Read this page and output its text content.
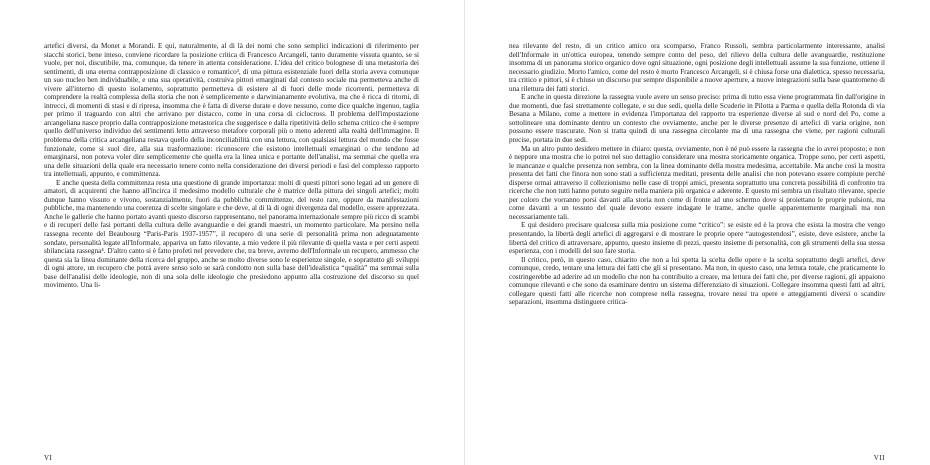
artefici diversi, da Monet a Morandi. E qui, naturalmente, al di là dei nomi che sono semplici indicazioni di riferimento per stacchi storici, bene inteso, conviene ricordare la posizione critica di Francesco Arcangeli, tanto duramente vissuta quanto, se si vuole, per noi, discutibile, ma, comunque, da tenere in attenta considerazione. L'idea del critico bolognese di una metastoria dei sentimenti, di una eterna contrapposizione di classico e romantico³, di una pittura esistenziale fuori della storia aveva comunque un suo nucleo ben individuabile, e una sua operatività, costruiva pittori emarginati dal contesto sociale ma permetteva anche di vivere all'interno di questo isolamento, soprattutto permetteva di esistere al di fuori delle mode ricorrenti, permetteva di comprendere la realtà complessa della storia che non è semplicemente e darwinianamente evolutiva, ma che è ricca di ritorni, di intrecci, di momenti di stasi e di ripresa, insomma che è fatta di diverse durate e dove nessuno, come dice qualche ingenuo, taglia per primo il traguardo con altri che arrivano per distacco, come in una corsa di ciclocross. Il problema dell'impostazione arcangeliana nasce proprio dalla contrapposizione metastorica che suggerisce e dalla ripetitività dello schema critico che è sempre quello dell'universo individuo dei sentimenti letto attraverso metafore corporali più o meno aderenti alla realtà dell'immagine. Il problema della critica arcangeliana restava quello della inconciliabilità con una lettura, con qualsiasi lettura del mondo che fosse funzionale, come si suol dire, alla sua trasformazione: riconoscere che esistono intellettuali emarginati o che tendono ad emarginarsi, non poteva voler dire semplicemente che quella era la linea unica e portante dell'analisi, ma semmai che quella era una delle situazioni della quale era necessario tenere conto nella considerazione dei diversi periodi e fasi del complesso rapporto tra intellettuali, appunto, e committenza.

E anche questa della committenza resta una questione di grande importanza: molti di questi pittori sono legati ad un genere di amatori, di acquirenti che hanno all'incirca il medesimo modello culturale che è matrice della pittura dei singoli artefici; molti dunque hanno vissuto e vivono, sostanzialmente, fuori da pubbliche committenze, del resto rare, oppure da manifestazioni pubbliche, ma mantenendo una coerenza di scelte singolare e che deve, al di là di ogni divergenza dal modello, essere apprezzata. Anche le gallerie che hanno portato avanti questo discorso rappresentano, nel panorama internazionale sempre più ricco di scambi e di recuperi delle fasi portanti della cultura delle avanguardie e dei grandi maestri, un momento particolare. Ma persino nella rassegna recente del Beaubourg “Paris-Paris 1937-1957”, il recupero di una serie di personalità prima non adeguatamente sondate, personalità legate all'Informale, appariva un fatto rilevante, a mio vedere il più rilevante di quella vasta e per certi aspetti sbilanciata rassegna⁴. D'altro canto si è fatto profeti nel prevedere che, tra breve, avremo dell'Informale un recupero, ammesso che questa sia la linea dominante della ricerca del gruppo, anche se molto diverse sono le esperienze singole, e soprattutto gli sviluppi di ogni attore, un recupero che potrà avere senso solo se sarà condotto non sulla base dell'idealistica “qualità” ma semmai sulla base dell'analisi delle ideologie, non di una sola delle ideologie che presiedono appunto alla costruzione del discorso su quel movimento. Una li-

VI

nea rilevante del resto, di un critico amico ora scomparso, Franco Russoli, sembra particolarmente interessante, analisi dell'Informale in un'ottica europea, tenendo sempre conto del peso, del rilievo della cultura delle avanguardie, restituzione insomma di un panorama storico organico dove ogni situazione, ogni posizione degli intellettuali assume la sua funzione, ottiene il necessario giudizio. Morto l'amico, come del resto è morto Francesco Arcangeli, si è chiusa forse una dialettica, spesso necessaria, tra critico e pittori, si è chiuso un discorso pur sempre disponibile a nuove aperture, a nuove integrazioni sulla base quantomeno di una rilettura dei fatti storici.

E anche in questa direzione la rassegna vuole avere un senso preciso: prima di tutto essa viene programmata fin dall'origine in due momenti, due fasi strettamente collegate, e su due sedi, quella delle Scuderie in Pilotta a Parma e quella della Rotonda di via Besana a Milano, come a mettere in evidenza l'importanza del rapporto tra esperienze diverse al sud e nord del Po, come a sottolineare una dominante dentro un contesto che ovviamente, anche per le diverse presenze di artefici di varia origine, non possono essere trascurate. Non si tratta quindi di una rassegna circolante ma di una rassegna che viene, per ragioni culturali precise, portata in due sedi.

Ma un altro punto desidero mettere in chiaro: questa, ovviamente, non è né può essere la rassegna che io avrei proposto; e non è neppure una mostra che io potrei nel suo dettaglio considerare una mostra storicamente organica. Troppe sono, per certi aspetti, le mancanze e qualche presenza non sembra, con la linea dominante della mostra medesima, accettabile. Ma anche così la mostra presenta dei fatti che finora non sono stati a sufficienza meditati, presenta delle analisi che non potevano essere compiute perché disperse ormai attraverso il collezionismo nelle case di troppi amici, presenta soprattutto una concreta possibilità di confronto tra ricerche che non tutti hanno potuto seguire nella maniera più organica e aderente. E questo mi sembra un risultato rilevante, specie per coloro che vorranno porsi davanti alla storia non come di fronte ad uno schermo dove si proiettano le proprie pulsioni, ma come davanti a un tessuto del quale devono essere indagate le trame, anche quelle apparentemente marginali ma non necessariamente tali.

E qui desidero precisare qualcosa sulla mia posizione come “critico”: se esiste ed è la prova che esista la mostra che vengo presentando, la libertà degli artefici di aggregarsi e di mostrare le proprie opere “autogestendosi”, esiste, deve esistere, anche la libertà del critico di attraversare, appunto, questo insieme di pezzi, questo insieme di personalità, con gli strumenti della sua stessa esperienza, con i modelli del suo fare storia.

Il critico, però, in questo caso, chiarito che non a lui spetta la scelta delle opere e la scelta soprattutto degli artefici, deve comunque, credo, tentare una lettura dei fatti che gli si presentano. Ma non, in questo caso, una lettura totale, che praticamente lo costringerebbe ad aderire ad un modello che non ha contribuito a creare, ma lettura dei fatti che, per diverse ragioni, gli appaiono comunque rilevanti e che sono da esaminare dentro un sistema differenziato di situazioni. Collegare insomma questi fatti ad altri, collegare questi fatti alle ricerche non comprese nella rassegna, trovare nessi tra opere e atteggiamenti diversi o scandire separazioni, insomma distinguere critica-

VII
